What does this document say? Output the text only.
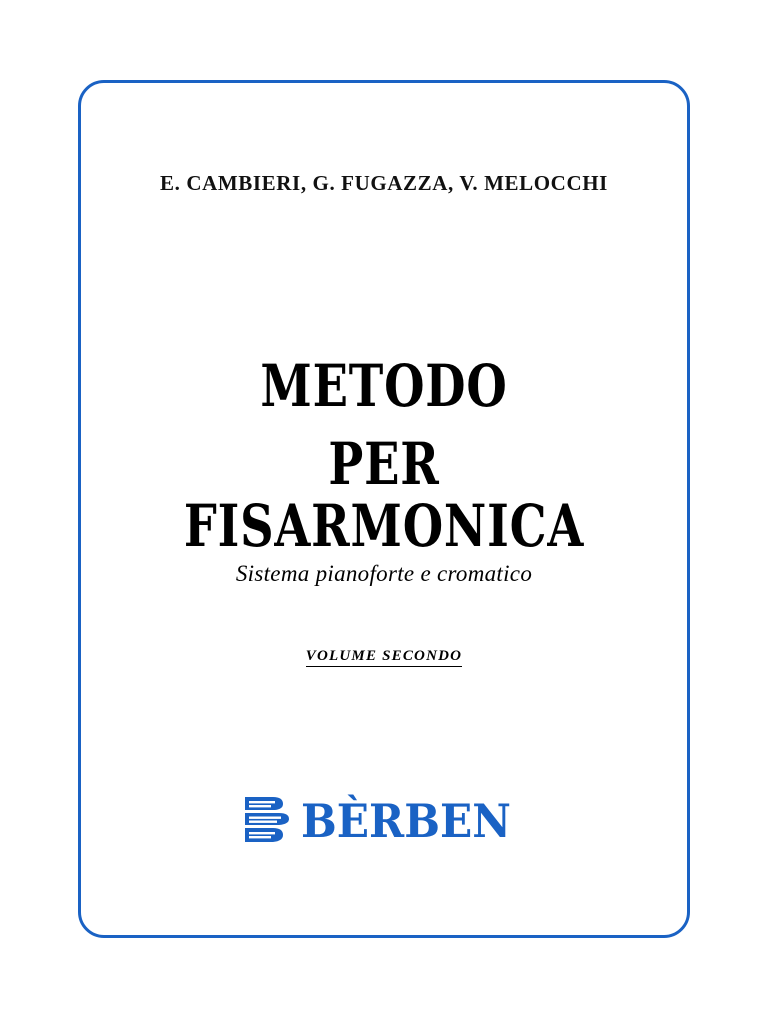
E. CAMBIERI, G. FUGAZZA, V. MELOCCHI
METODO
PER FISARMONICA
Sistema pianoforte e cromatico
VOLUME SECONDO
BÈRBEN
